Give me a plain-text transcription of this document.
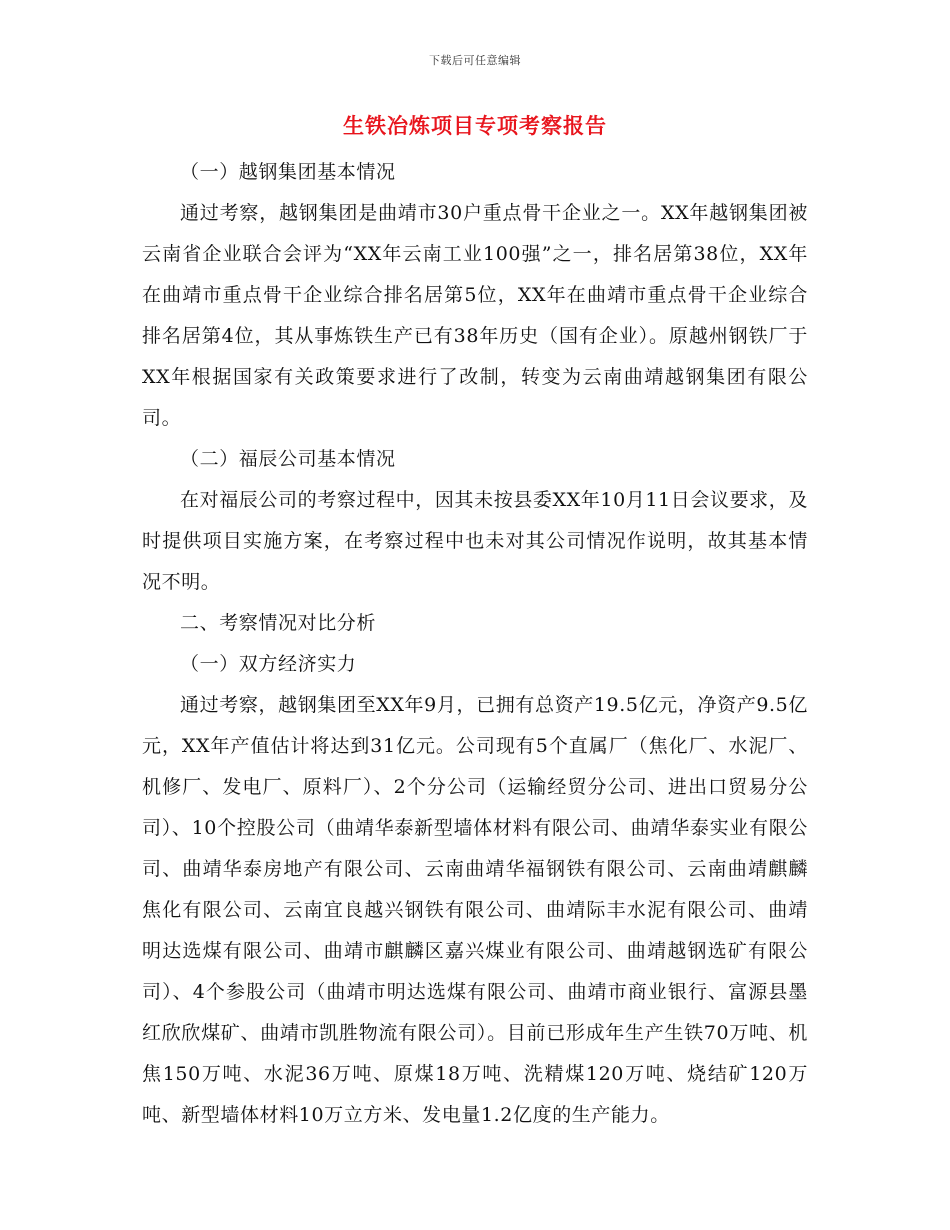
下载后可任意编辑
生铁冶炼项目专项考察报告

（一）越钢集团基本情况

通过考察，越钢集团是曲靖市30户重点骨干企业之一。XX年越钢集团被云南省企业联合会评为“XX年云南工业100强”之一，排名居第38位，XX年在曲靖市重点骨干企业综合排名居第5位，XX年在曲靖市重点骨干企业综合排名居第4位，其从事炼铁生产已有38年历史（国有企业）。原越州钢铁厂于XX年根据国家有关政策要求进行了改制，转变为云南曲靖越钢集团有限公司。

（二）福辰公司基本情况

在对福辰公司的考察过程中，因其未按县委XX年10月11日会议要求，及时提供项目实施方案，在考察过程中也未对其公司情况作说明，故其基本情况不明。

二、考察情况对比分析

（一）双方经济实力

通过考察，越钢集团至XX年9月，已拥有总资产19.5亿元，净资产9.5亿元，XX年产值估计将达到31亿元。公司现有5个直属厂（焦化厂、水泥厂、机修厂、发电厂、原料厂）、2个分公司（运输经贸分公司、进出口贸易分公司）、10个控股公司（曲靖华泰新型墙体材料有限公司、曲靖华泰实业有限公司、曲靖华泰房地产有限公司、云南曲靖华福钢铁有限公司、云南曲靖麒麟焦化有限公司、云南宜良越兴钢铁有限公司、曲靖际丰水泥有限公司、曲靖明达选煤有限公司、曲靖市麒麟区嘉兴煤业有限公司、曲靖越钢选矿有限公司）、4个参股公司（曲靖市明达选煤有限公司、曲靖市商业银行、富源县墨红欣欣煤矿、曲靖市凯胜物流有限公司）。目前已形成年生产生铁70万吨、机焦150万吨、水泥36万吨、原煤18万吨、洗精煤120万吨、烧结矿120万吨、新型墙体材料10万立方米、发电量1.2亿度的生产能力。
